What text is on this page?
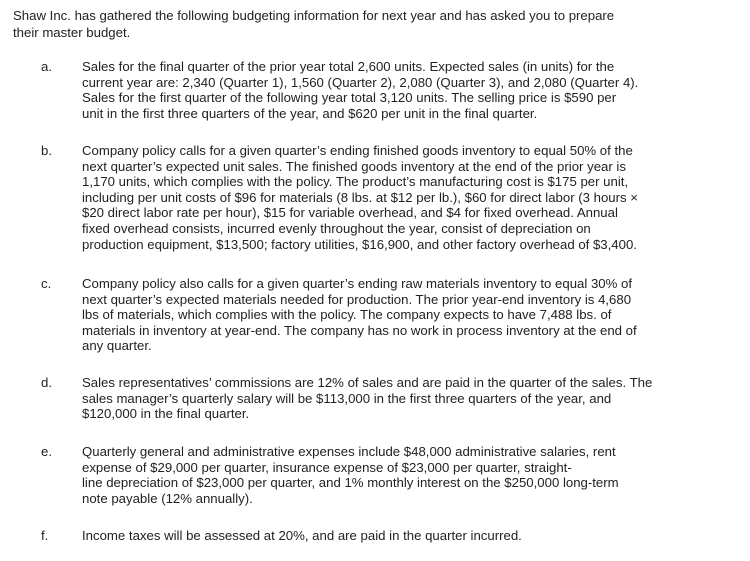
Shaw Inc. has gathered the following budgeting information for next year and has asked you to prepare
their master budget.
a. Sales for the final quarter of the prior year total 2,600 units. Expected sales (in units) for the

current year are: 2,340 (Quarter 1), 1,560 (Quarter 2), 2,080 (Quarter 3), and 2,080 (Quarter 4).

Sales for the first quarter of the following year total 3,120 units. The selling price is $590 per

unit in the first three quarters of the year, and $620 per unit in the final quarter.

b. Company policy calls for a given quarter’s ending finished goods inventory to equal 50% of the

next quarter’s expected unit sales. The finished goods inventory at the end of the prior year is

1,170 units, which complies with the policy. The product’s manufacturing cost is $175 per unit,

including per unit costs of $96 for materials (8 lbs. at $12 per lb.), $60 for direct labor (3 hours ×

$20 direct labor rate per hour), $15 for variable overhead, and $4 for fixed overhead. Annual

fixed overhead consists, incurred evenly throughout the year, consist of depreciation on

production equipment, $13,500; factory utilities, $16,900, and other factory overhead of $3,400.

c. Company policy also calls for a given quarter’s ending raw materials inventory to equal 30% of

next quarter’s expected materials needed for production. The prior year-end inventory is 4,680

lbs of materials, which complies with the policy. The company expects to have 7,488 lbs. of

materials in inventory at year-end. The company has no work in process inventory at the end of

any quarter.

d. Sales representatives’ commissions are 12% of sales and are paid in the quarter of the sales. The

sales manager’s quarterly salary will be $113,000 in the first three quarters of the year, and

$120,000 in the final quarter.

e. Quarterly general and administrative expenses include $48,000 administrative salaries, rent

expense of $29,000 per quarter, insurance expense of $23,000 per quarter, straight-

line depreciation of $23,000 per quarter, and 1% monthly interest on the $250,000 long-term

note payable (12% annually).

f.	Income taxes will be assessed at 20%, and are paid in the quarter incurred.
